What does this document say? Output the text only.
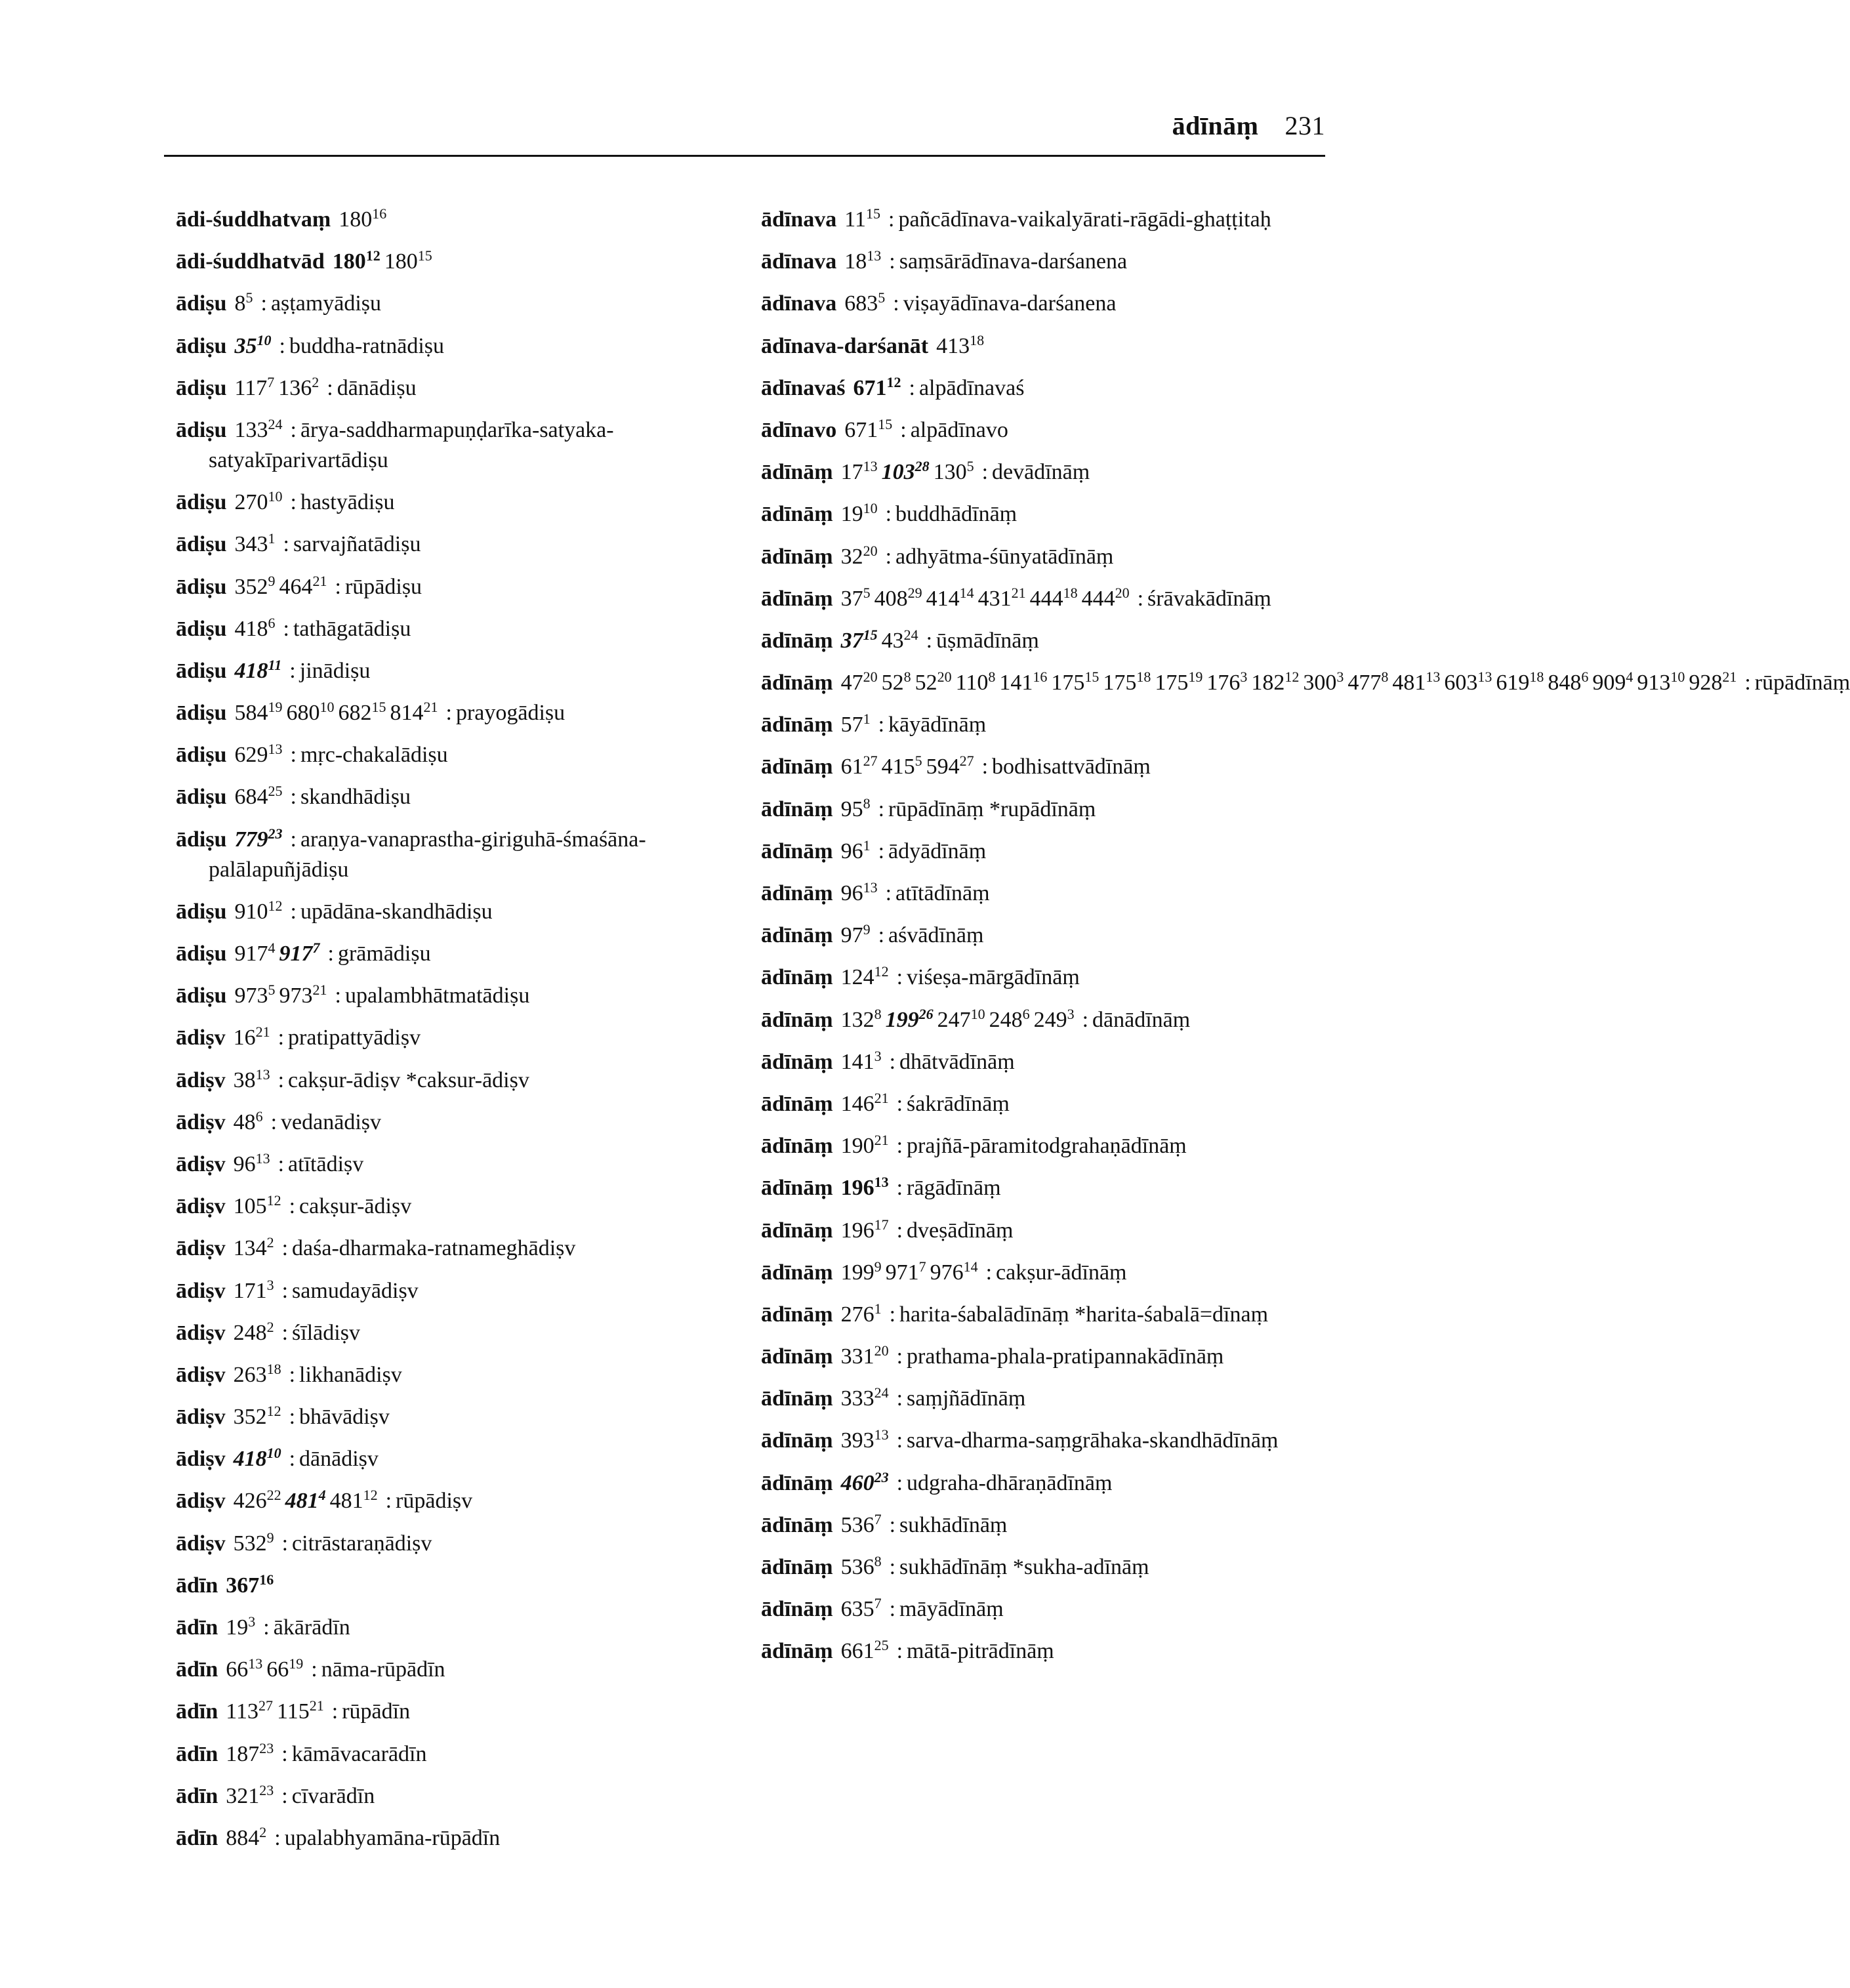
ādīnāṃ 231
ādi-śuddhatvaṃ $180^{16}$
ādi-śuddhatvād $180^{12}$ $180^{15}$
ādiṣu $8^5$ : aṣṭamyādiṣu
ādiṣu $35^{10}$ : buddha-ratnādiṣu
ādiṣu $117^7$ $136^2$ : dānādiṣu
ādiṣu $133^{24}$ : ārya-saddharmapuṇḍarīka-satyaka-satyakīparivartādiṣu
ādiṣu $270^{10}$ : hastyādiṣu
ādiṣu $343^1$ : sarvajñatādiṣu
ādiṣu $352^9$ $464^{21}$ : rūpādiṣu
ādiṣu $418^6$ : tathāgatādiṣu
ādiṣu $418^{11}$ : jinādiṣu
ādiṣu $584^{19}$ $680^{10}$ $682^{15}$ $814^{21}$ : prayogādiṣu
ādiṣu $629^{13}$ : mṛc-chakalādiṣu
ādiṣu $684^{25}$ : skandhādiṣu
ādiṣu $779^{23}$ : araṇya-vanaprastha-giriguhā-śmaśāna-palālapuñjādiṣu
ādiṣu $910^{12}$ : upādāna-skandhādiṣu
ādiṣu $917^4$ $917^7$ : grāmādiṣu
ādiṣu $973^5$ $973^{21}$ : upalambhātmatādiṣu
ādiṣv $16^{21}$ : pratipattyādiṣv
ādiṣv $38^{13}$ : cakṣur-ādiṣv *caksur-ādiṣv
ādiṣv $48^6$ : vedanādiṣv
ādiṣv $96^{13}$ : atītādiṣv
ādiṣv $105^{12}$ : cakṣur-ādiṣv
ādiṣv $134^2$ : daśa-dharmaka-ratnameghādiṣv
ādiṣv $171^3$ : samudayādiṣv
ādiṣv $248^2$ : śīlādiṣv
ādiṣv $263^{18}$ : likhanādiṣv
ādiṣv $352^{12}$ : bhāvādiṣv
ādiṣv $418^{10}$ : dānādiṣv
ādiṣv $426^{22}$ $481^4$ $481^{12}$ : rūpādiṣv
ādiṣv $532^9$ : citrāstaraṇādiṣv
ādīn $367^{16}$
ādīn $19^3$ : ākārādīn
ādīn $66^{13}$ $66^{19}$ : nāma-rūpādīn
ādīn $113^{27}$ $115^{21}$ : rūpādīn
ādīn $187^{23}$ : kāmāvacarādīn
ādīn $321^{23}$ : cīvarādīn
ādīn $884^2$ : upalabhyamāna-rūpādīn
ādīnava $11^{15}$ : pañcādīnava-vaikalyārati-rāgādi-ghaṭṭitaḥ
ādīnava $18^{13}$ : saṃsārādīnava-darśanena
ādīnava $683^5$ : viṣayādīnava-darśanena
ādīnava-darśanāt $413^{18}$
ādīnavaś $671^{12}$ : alpādīnavaś
ādīnavo $671^{15}$ : alpādīnavo
ādīnāṃ $17^{13}$ $103^{28}$ $130^5$ : devādīnāṃ
ādīnāṃ $19^{10}$ : buddhādīnāṃ
ādīnāṃ $32^{20}$ : adhyātma-śūnyatādīnāṃ
ādīnāṃ $37^5$ $408^{29}$ $414^{14}$ $431^{21}$ $444^{18}$ $444^{20}$ : śrāvakādīnāṃ
ādīnāṃ $37^{15}$ $43^{24}$ : ūṣmādīnāṃ
ādīnāṃ $47^{20}$ $52^8$ $52^{20}$ $110^8$ $141^{16}$ $175^{15}$ $175^{18}$ $175^{19}$ $176^3$ $182^{12}$ $300^3$ $477^8$ $481^{13}$ $603^{13}$ $619^{18}$ $848^6$ $909^4$ $913^{10}$ $928^{21}$ : rūpādīnāṃ
ādīnāṃ $57^1$ : kāyādīnāṃ
ādīnāṃ $61^{27}$ $415^5$ $594^{27}$ : bodhisattvādīnāṃ
ādīnāṃ $95^8$ : rūpādīnāṃ *rupādīnāṃ
ādīnāṃ $96^1$ : ādyādīnāṃ
ādīnāṃ $96^{13}$ : atītādīnāṃ
ādīnāṃ $97^9$ : aśvādīnāṃ
ādīnāṃ $124^{12}$ : viśeṣa-mārgādīnāṃ
ādīnāṃ $132^8$ $199^{26}$ $247^{10}$ $248^6$ $249^3$ : dānādīnāṃ
ādīnāṃ $141^3$ : dhātvādīnāṃ
ādīnāṃ $146^{21}$ : śakrādīnāṃ
ādīnāṃ $190^{21}$ : prajñā-pāramitodgrahaṇādīnāṃ
ādīnāṃ $196^{13}$ : rāgādīnāṃ
ādīnāṃ $196^{17}$ : dveṣādīnāṃ
ādīnāṃ $199^9$ $971^7$ $976^{14}$ : cakṣur-ādīnāṃ
ādīnāṃ $276^1$ : harita-śabalādīnāṃ *harita-śabalā=dīnaṃ
ādīnāṃ $331^{20}$ : prathama-phala-pratipannakādīnāṃ
ādīnāṃ $333^{24}$ : saṃjñādīnāṃ
ādīnāṃ $393^{13}$ : sarva-dharma-saṃgrāhaka-skandhādīnāṃ
ādīnāṃ $460^{23}$ : udgraha-dhāraṇādīnāṃ
ādīnāṃ $536^7$ : sukhādīnāṃ
ādīnāṃ $536^8$ : sukhādīnāṃ *sukha-adīnāṃ
ādīnāṃ $635^7$ : māyādīnāṃ
ādīnāṃ $661^{25}$ : mātā-pitrādīnāṃ
